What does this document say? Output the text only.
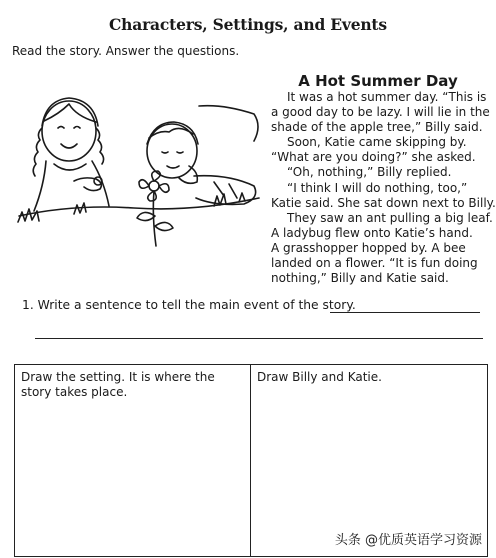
Characters, Settings, and Events
Read the story. Answer the questions.
A Hot Summer Day
It was a hot summer day. “This is
a good day to be lazy. I will lie in the
shade of the apple tree,” Billy said.
Soon, Katie came skipping by.
“What are you doing?” she asked.
“Oh, nothing,” Billy replied.
“I think I will do nothing, too,”
Katie said. She sat down next to Billy.
They saw an ant pulling a big leaf.
A ladybug flew onto Katie’s hand.
A grasshopper hopped by. A bee
landed on a flower. “It is fun doing
nothing,” Billy and Katie said.
1. Write a sentence to tell the main event of the story.
Draw the setting. It is where the story takes place.
Draw Billy and Katie.
头条 @优质英语学习资源
